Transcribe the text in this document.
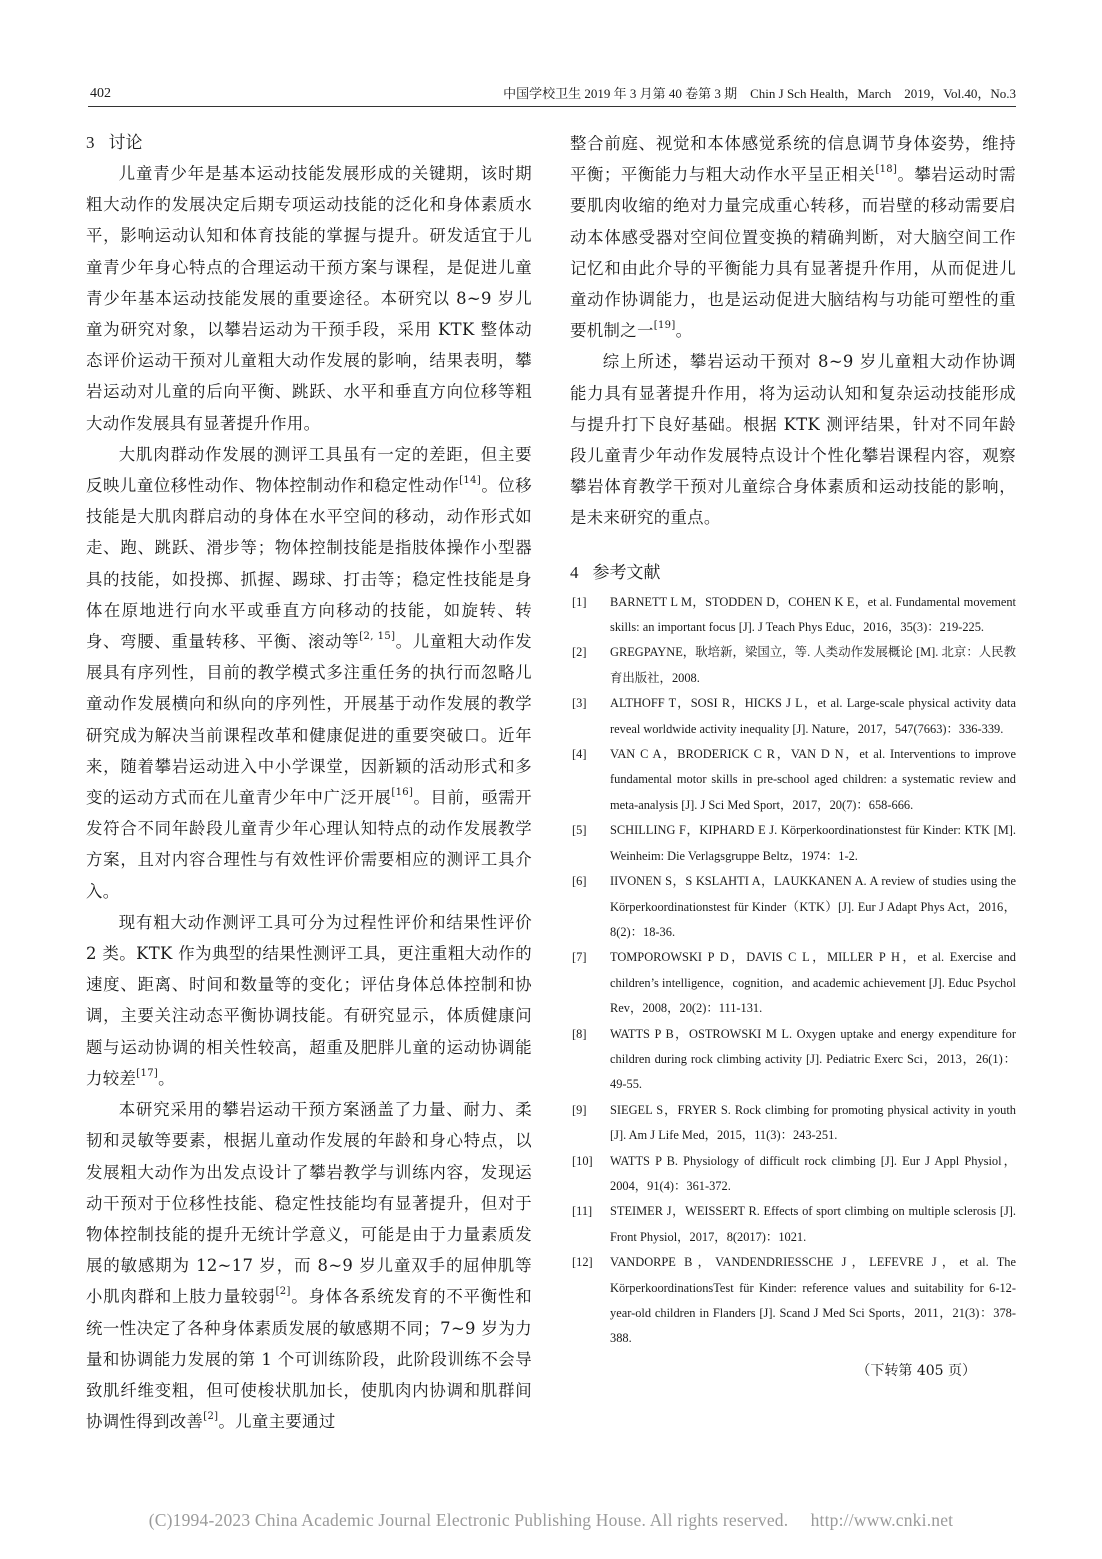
402	中国学校卫生 2019 年 3 月第 40 卷第 3 期　Chin J Sch Health，March　2019，Vol.40，No.3
3 讨论

儿童青少年是基本运动技能发展形成的关键期，该时期粗大动作的发展决定后期专项运动技能的泛化和身体素质水平，影响运动认知和体育技能的掌握与提升。研发适宜于儿童青少年身心特点的合理运动干预方案与课程，是促进儿童青少年基本运动技能发展的重要途径。本研究以 8~9 岁儿童为研究对象，以攀岩运动为干预手段，采用 KTK 整体动态评价运动干预对儿童粗大动作发展的影响，结果表明，攀岩运动对儿童的后向平衡、跳跃、水平和垂直方向位移等粗大动作发展具有显著提升作用。

大肌肉群动作发展的测评工具虽有一定的差距，但主要反映儿童位移性动作、物体控制动作和稳定性动作[14]。位移技能是大肌肉群启动的身体在水平空间的移动，动作形式如走、跑、跳跃、滑步等；物体控制技能是指肢体操作小型器具的技能，如投掷、抓握、踢球、打击等；稳定性技能是身体在原地进行向水平或垂直方向移动的技能，如旋转、转身、弯腰、重量转移、平衡、滚动等[2, 15]。儿童粗大动作发展具有序列性，目前的教学模式多注重任务的执行而忽略儿童动作发展横向和纵向的序列性，开展基于动作发展的教学研究成为解决当前课程改革和健康促进的重要突破口。近年来，随着攀岩运动进入中小学课堂，因新颖的活动形式和多变的运动方式而在儿童青少年中广泛开展[16]。目前，亟需开发符合不同年龄段儿童青少年心理认知特点的动作发展教学方案，且对内容合理性与有效性评价需要相应的测评工具介入。

现有粗大动作测评工具可分为过程性评价和结果性评价 2 类。KTK 作为典型的结果性测评工具，更注重粗大动作的速度、距离、时间和数量等的变化；评估身体总体控制和协调，主要关注动态平衡协调技能。有研究显示，体质健康问题与运动协调的相关性较高，超重及肥胖儿童的运动协调能力较差[17]。

本研究采用的攀岩运动干预方案涵盖了力量、耐力、柔韧和灵敏等要素，根据儿童动作发展的年龄和身心特点，以发展粗大动作为出发点设计了攀岩教学与训练内容，发现运动干预对于位移性技能、稳定性技能均有显著提升，但对于物体控制技能的提升无统计学意义，可能是由于力量素质发展的敏感期为 12~17 岁，而 8~9 岁儿童双手的屈伸肌等小肌肉群和上肢力量较弱[2]。身体各系统发育的不平衡性和统一性决定了各种身体素质发展的敏感期不同；7~9 岁为力量和协调能力发展的第 1 个可训练阶段，此阶段训练不会导致肌纤维变粗，但可使梭状肌加长，使肌肉内协调和肌群间协调性得到改善[2]。儿童主要通过

整合前庭、视觉和本体感觉系统的信息调节身体姿势，维持平衡；平衡能力与粗大动作水平呈正相关[18]。攀岩运动时需要肌肉收缩的绝对力量完成重心转移，而岩壁的移动需要启动本体感受器对空间位置变换的精确判断，对大脑空间工作记忆和由此介导的平衡能力具有显著提升作用，从而促进儿童动作协调能力，也是运动促进大脑结构与功能可塑性的重要机制之一[19]。

综上所述，攀岩运动干预对 8~9 岁儿童粗大动作协调能力具有显著提升作用，将为运动认知和复杂运动技能形成与提升打下良好基础。根据 KTK 测评结果，针对不同年龄段儿童青少年动作发展特点设计个性化攀岩课程内容，观察攀岩体育教学干预对儿童综合身体素质和运动技能的影响，是未来研究的重点。

4 参考文献
[1] BARNETT L M，STODDEN D，COHEN K E，et al. Fundamental movement skills: an important focus [J]. J Teach Phys Educ，2016，35(3)：219-225.
[2] GREGPAYNE，耿培新，梁国立，等. 人类动作发展概论 [M]. 北京：人民教育出版社，2008.
[3] ALTHOFF T，SOSI R，HICKS J L，et al. Large-scale physical activity data reveal worldwide activity inequality [J]. Nature，2017，547(7663)：336-339.
[4] VAN C A，BRODERICK C R，VAN D N，et al. Interventions to improve fundamental motor skills in pre-school aged children: a systematic review and meta-analysis [J]. J Sci Med Sport，2017，20(7)：658-666.
[5] SCHILLING F，KIPHARD E J. Körperkoordinationstest für Kinder: KTK [M]. Weinheim: Die Verlagsgruppe Beltz，1974：1-2.
[6] IIVONEN S，S KSLAHTI A，LAUKKANEN A. A review of studies using the Körperkoordinationstest für Kinder（KTK）[J]. Eur J Adapt Phys Act，2016，8(2)：18-36.
[7] TOMPOROWSKI P D，DAVIS C L，MILLER P H，et al. Exercise and children’s intelligence，cognition，and academic achievement [J]. Educ Psychol Rev，2008，20(2)：111-131.
[8] WATTS P B，OSTROWSKI M L. Oxygen uptake and energy expenditure for children during rock climbing activity [J]. Pediatric Exerc Sci，2013，26(1)：49-55.
[9] SIEGEL S，FRYER S. Rock climbing for promoting physical activity in youth [J]. Am J Life Med，2015，11(3)：243-251.
[10] WATTS P B. Physiology of difficult rock climbing [J]. Eur J Appl Physiol，2004，91(4)：361-372.
[11] STEIMER J，WEISSERT R. Effects of sport climbing on multiple sclerosis [J]. Front Physiol，2017，8(2017)：1021.
[12] VANDORPE B，VANDENDRIESSCHE J，LEFEVRE J，et al. The KörperkoordinationsTest für Kinder: reference values and suitability for 6-12-year-old children in Flanders [J]. Scand J Med Sci Sports，2011，21(3)：378-388.
（下转第 405 页）
(C)1994-2023 China Academic Journal Electronic Publishing House. All rights reserved.　 http://www.cnki.net
